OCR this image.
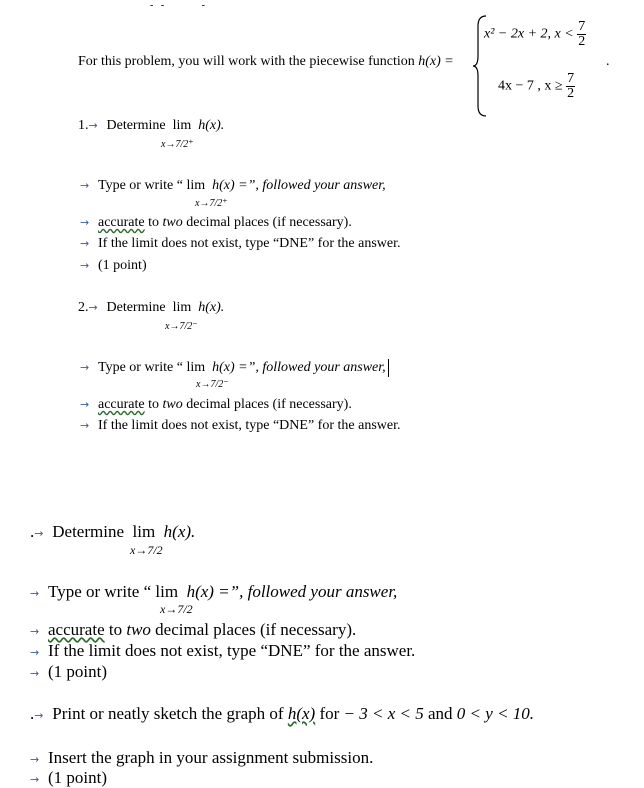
-   -               -
For this problem, you will work with the piecewise function h(x) =
x² − 2x + 2, $x < \frac{7}{2}$
4x − 7 , $x \ge \frac{7}{2}$
.
1.→ Determine lim h(x).
x→7/2⁺
→ Type or write “ lim h(x) =”, followed your answer,
x→7/2⁺
→ accurate to two decimal places (if necessary).
→ If the limit does not exist, type “DNE” for the answer.
→ (1 point)
2.→ Determine lim h(x).
x→7/2⁻
→ Type or write “ lim h(x) =”, followed your answer,
x→7/2⁻
→ accurate to two decimal places (if necessary).
→ If the limit does not exist, type “DNE” for the answer.
.→ Determine lim h(x).
x→7/2
→ Type or write “ lim h(x) =”, followed your answer,
x→7/2
→ accurate to two decimal places (if necessary).
→ If the limit does not exist, type “DNE” for the answer.
→ (1 point)
.→ Print or neatly sketch the graph of h(x) for − 3 < x < 5 and 0 < y < 10.
→ Insert the graph in your assignment submission.
→ (1 point)
